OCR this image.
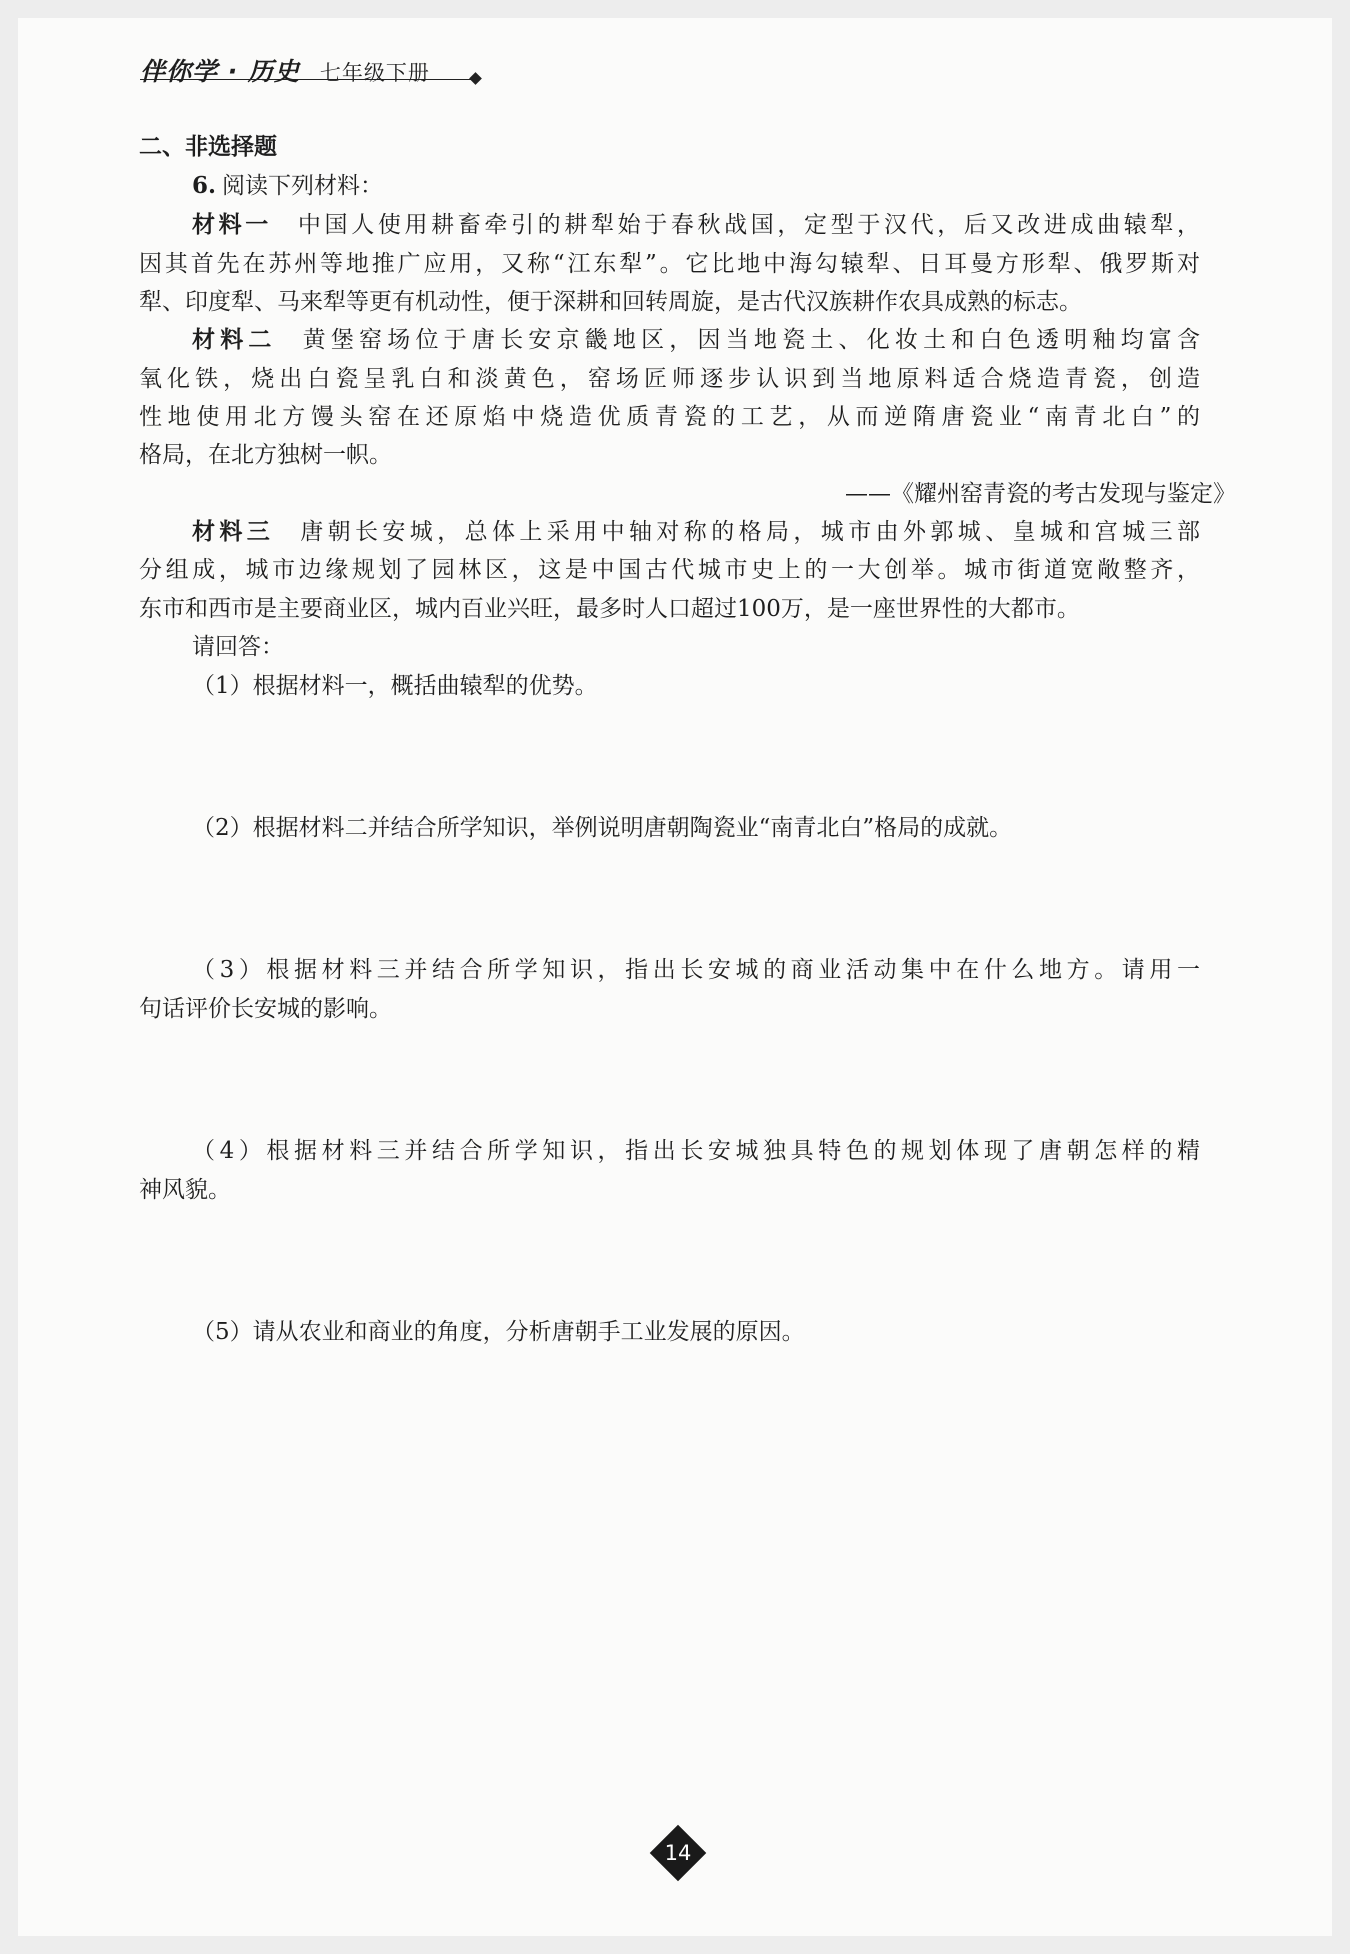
伴你学 · 历史 七年级下册
二、非选择题
6. 阅读下列材料：
材料一 中国人使用耕畜牵引的耕犁始于春秋战国，定型于汉代，后又改进成曲辕犁，
因其首先在苏州等地推广应用，又称“江东犁”。它比地中海勾辕犁、日耳曼方形犁、俄罗斯对
犁、印度犁、马来犁等更有机动性，便于深耕和回转周旋，是古代汉族耕作农具成熟的标志。
材料二 黄堡窑场位于唐长安京畿地区，因当地瓷土、化妆土和白色透明釉均富含
氧化铁，烧出白瓷呈乳白和淡黄色，窑场匠师逐步认识到当地原料适合烧造青瓷，创造
性地使用北方馒头窑在还原焰中烧造优质青瓷的工艺，从而逆隋唐瓷业“南青北白”的
格局，在北方独树一帜。
——《耀州窑青瓷的考古发现与鉴定》
材料三 唐朝长安城，总体上采用中轴对称的格局，城市由外郭城、皇城和宫城三部
分组成，城市边缘规划了园林区，这是中国古代城市史上的一大创举。城市街道宽敞整齐，
东市和西市是主要商业区，城内百业兴旺，最多时人口超过100万，是一座世界性的大都市。
请回答：
（1）根据材料一，概括曲辕犁的优势。
（2）根据材料二并结合所学知识，举例说明唐朝陶瓷业“南青北白”格局的成就。
（3）根据材料三并结合所学知识，指出长安城的商业活动集中在什么地方。请用一
句话评价长安城的影响。
（4）根据材料三并结合所学知识，指出长安城独具特色的规划体现了唐朝怎样的精
神风貌。
（5）请从农业和商业的角度，分析唐朝手工业发展的原因。
14
